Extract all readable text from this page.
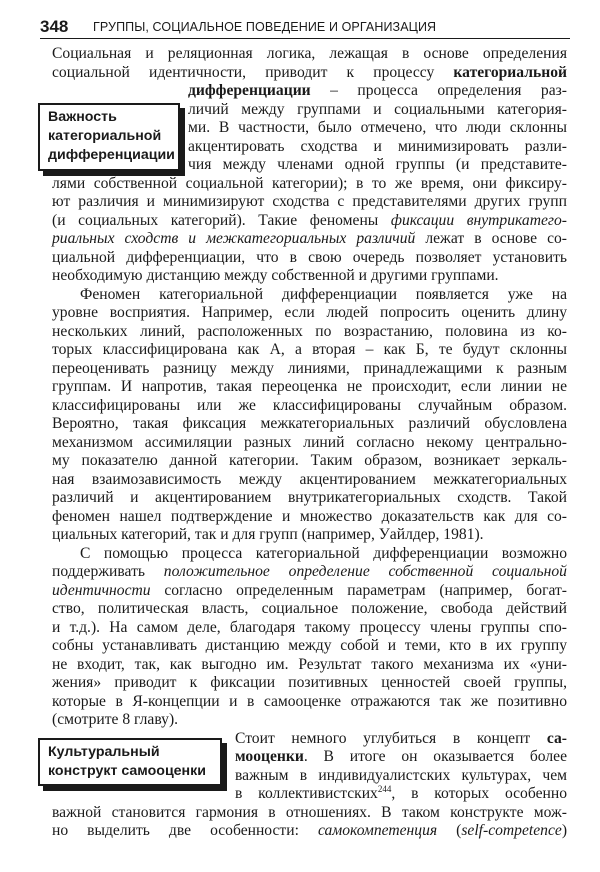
348 ГРУППЫ, СОЦИАЛЬНОЕ ПОВЕДЕНИЕ И ОРГАНИЗАЦИЯ
Важность
категориальной
дифференциации
Культуральный
конструкт самооценки
Социальная и реляционная логика, лежащая в основе определения
социальной идентичности, приводит к процессу категориальной
дифференциации – процесса определения раз-
личий между группами и социальными категория-
ми. В частности, было отмечено, что люди склонны
акцентировать сходства и минимизировать разли-
чия между членами одной группы (и представите-
лями собственной социальной категории); в то же время, они фиксиру-
ют различия и минимизируют сходства с представителями других групп
(и социальных категорий). Такие феномены фиксации внутрикатего-
риальных сходств и межкатегориальных различий лежат в основе со-
циальной дифференциации, что в свою очередь позволяет установить
необходимую дистанцию между собственной и другими группами.
Феномен категориальной дифференциации появляется уже на
уровне восприятия. Например, если людей попросить оценить длину
нескольких линий, расположенных по возрастанию, половина из ко-
торых классифицирована как А, а вторая – как Б, те будут склонны
переоценивать разницу между линиями, принадлежащими к разным
группам. И напротив, такая переоценка не происходит, если линии не
классифицированы или же классифицированы случайным образом.
Вероятно, такая фиксация межкатегориальных различий обусловлена
механизмом ассимиляции разных линий согласно некому центрально-
му показателю данной категории. Таким образом, возникает зеркаль-
ная взаимозависимость между акцентированием межкатегориальных
различий и акцентированием внутрикатегориальных сходств. Такой
феномен нашел подтверждение и множество доказательств как для со-
циальных категорий, так и для групп (например, Уайлдер, 1981).
С помощью процесса категориальной дифференциации возможно
поддерживать положительное определение собственной социальной
идентичности согласно определенным параметрам (например, богат-
ство, политическая власть, социальное положение, свобода действий
и т.д.). На самом деле, благодаря такому процессу члены группы спо-
собны устанавливать дистанцию между собой и теми, кто в их группу
не входит, так, как выгодно им. Результат такого механизма их «уни-
жения» приводит к фиксации позитивных ценностей своей группы,
которые в Я-концепции и в самооценке отражаются так же позитивно
(смотрите 8 главу).
Стоит немного углубиться в концепт са-
мооценки. В итоге он оказывается более
важным в индивидуалистских культурах, чем
в коллективистских$^{244}$, в которых особенно
важной становится гармония в отношениях. В таком конструкте мож-
но выделить две особенности: самокомпетенция (self-competence)
